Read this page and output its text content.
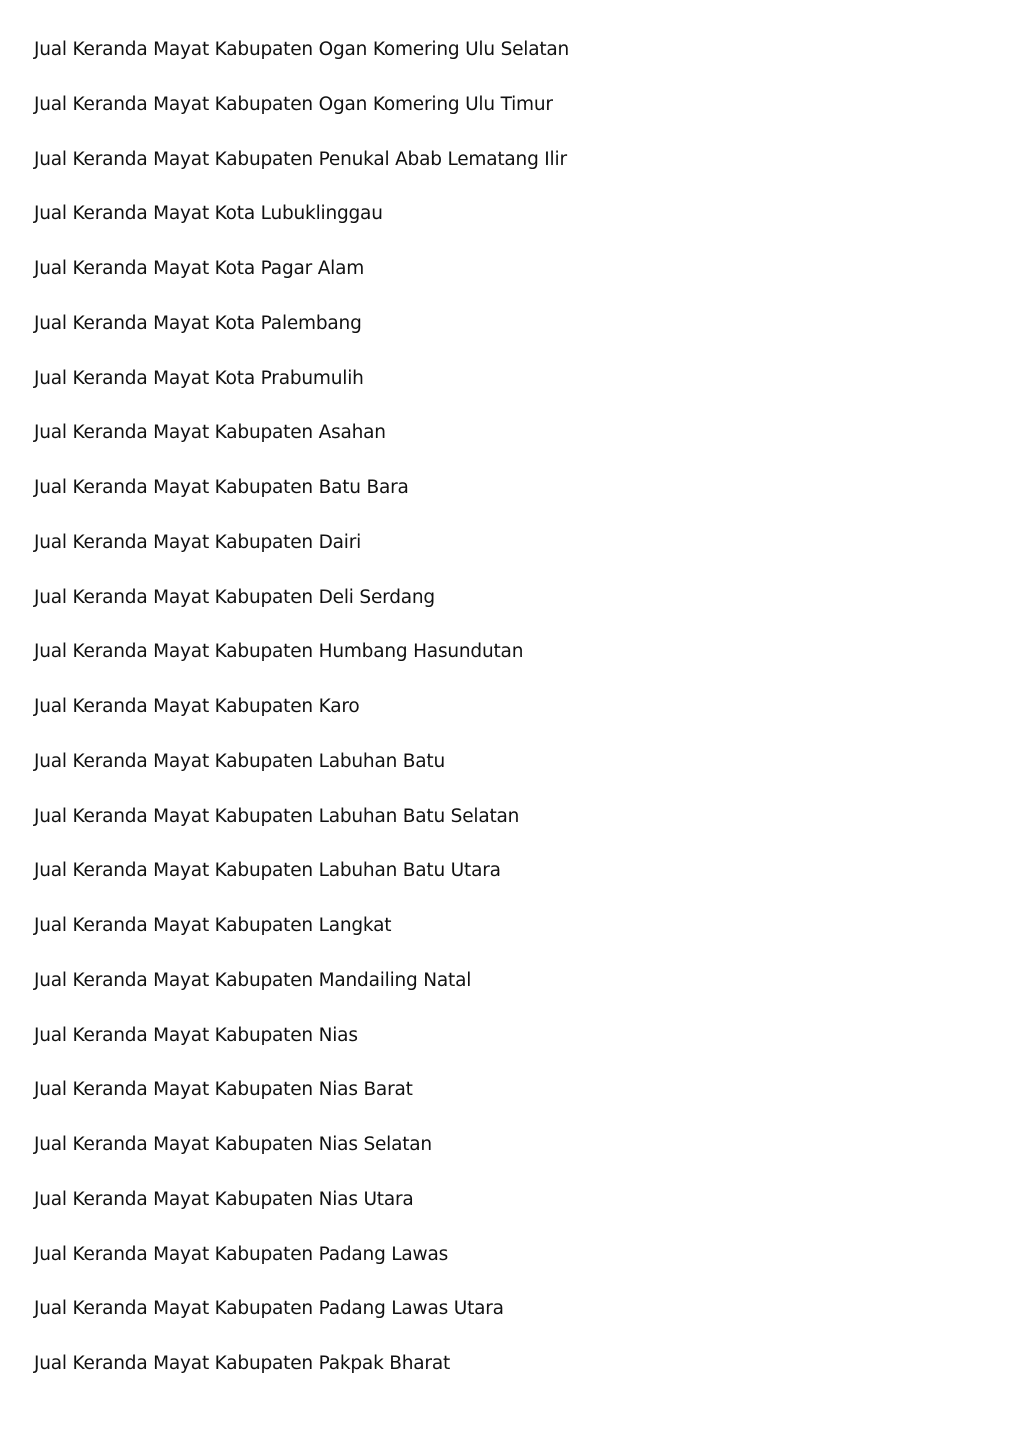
Jual Keranda Mayat Kabupaten Ogan Komering Ulu Selatan
Jual Keranda Mayat Kabupaten Ogan Komering Ulu Timur
Jual Keranda Mayat Kabupaten Penukal Abab Lematang Ilir
Jual Keranda Mayat Kota Lubuklinggau
Jual Keranda Mayat Kota Pagar Alam
Jual Keranda Mayat Kota Palembang
Jual Keranda Mayat Kota Prabumulih
Jual Keranda Mayat Kabupaten Asahan
Jual Keranda Mayat Kabupaten Batu Bara
Jual Keranda Mayat Kabupaten Dairi
Jual Keranda Mayat Kabupaten Deli Serdang
Jual Keranda Mayat Kabupaten Humbang Hasundutan
Jual Keranda Mayat Kabupaten Karo
Jual Keranda Mayat Kabupaten Labuhan Batu
Jual Keranda Mayat Kabupaten Labuhan Batu Selatan
Jual Keranda Mayat Kabupaten Labuhan Batu Utara
Jual Keranda Mayat Kabupaten Langkat
Jual Keranda Mayat Kabupaten Mandailing Natal
Jual Keranda Mayat Kabupaten Nias
Jual Keranda Mayat Kabupaten Nias Barat
Jual Keranda Mayat Kabupaten Nias Selatan
Jual Keranda Mayat Kabupaten Nias Utara
Jual Keranda Mayat Kabupaten Padang Lawas
Jual Keranda Mayat Kabupaten Padang Lawas Utara
Jual Keranda Mayat Kabupaten Pakpak Bharat
